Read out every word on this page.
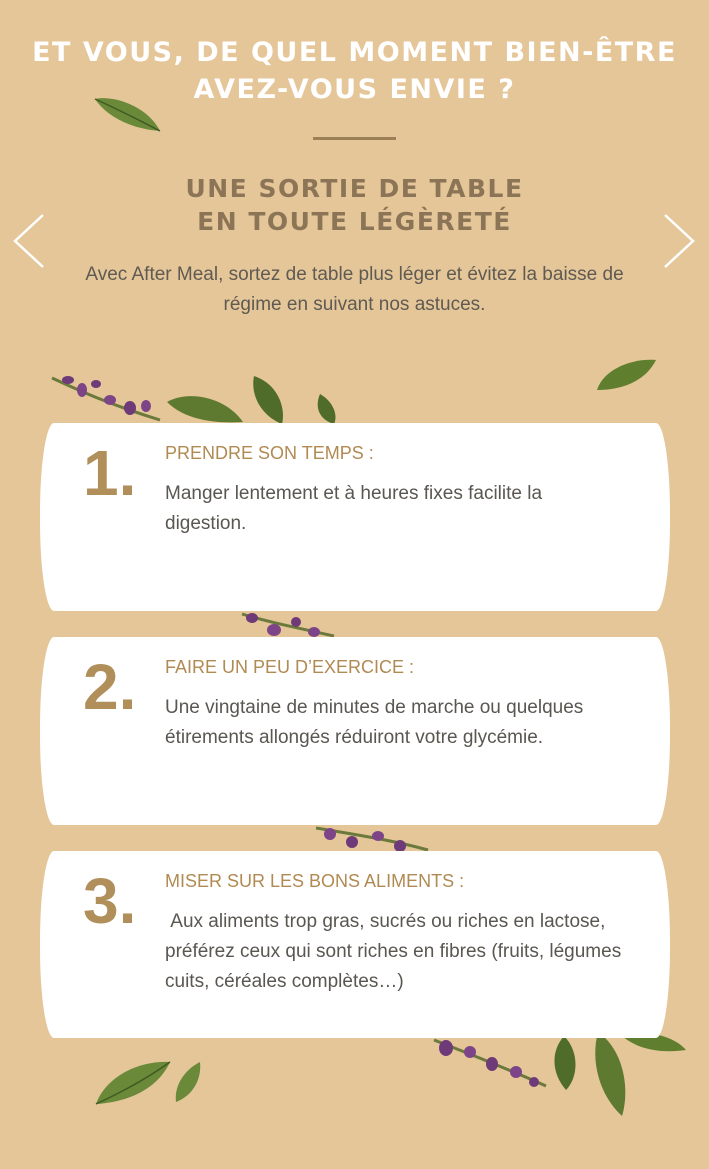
ET VOUS, DE QUEL MOMENT BIEN-ÊTRE
AVEZ-VOUS ENVIE ?
UNE SORTIE DE TABLE
EN TOUTE LÉGÈRETÉ

Avec After Meal, sortez de table plus léger et évitez la baisse de régime en suivant nos astuces.

1. PRENDRE SON TEMPS :
Manger lentement et à heures fixes facilite la digestion.
2. FAIRE UN PEU D’EXERCICE :
Une vingtaine de minutes de marche ou quelques étirements allongés réduiront votre glycémie.
3. MISER SUR LES BONS ALIMENTS :
Aux aliments trop gras, sucrés ou riches en lactose, préférez ceux qui sont riches en fibres (fruits, légumes cuits, céréales complètes…)
